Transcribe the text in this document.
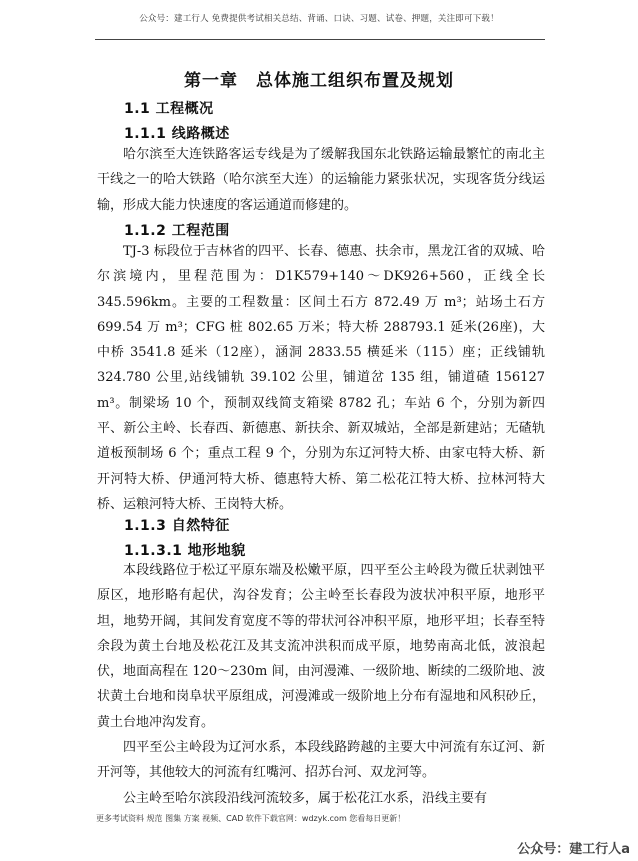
公众号：建工行人 免费提供考试相关总结、背诵、口诀、习题、试卷、押题，关注即可下载！
第一章　总体施工组织布置及规划
1.1 工程概况
1.1.1 线路概述

哈尔滨至大连铁路客运专线是为了缓解我国东北铁路运输最繁忙的南北主干线之一的哈大铁路（哈尔滨至大连）的运输能力紧张状况，实现客货分线运输，形成大能力快速度的客运通道而修建的。

1.1.2 工程范围

TJ-3 标段位于吉林省的四平、长春、德惠、扶余市，黑龙江省的双城、哈尔滨境内，里程范围为：D1K579+140～DK926+560，正线全长 345.596km。主要的工程数量：区间土石方 872.49 万 m³；站场土石方 699.54 万 m³；CFG 桩 802.65 万米；特大桥 288793.1 延米(26座)，大中桥 3541.8 延米（12座），涵洞 2833.55 横延米（115）座；正线铺轨 324.780 公里,站线铺轨 39.102 公里，铺道岔 135 组，铺道碴 156127 m³。制梁场 10 个，预制双线简支箱梁 8782 孔；车站 6 个，分别为新四平、新公主岭、长春西、新德惠、新扶余、新双城站，全部是新建站；无碴轨道板预制场 6 个；重点工程 9 个，分别为东辽河特大桥、由家屯特大桥、新开河特大桥、伊通河特大桥、德惠特大桥、第二松花江特大桥、拉林河特大桥、运粮河特大桥、王岗特大桥。

1.1.3 自然特征
1.1.3.1 地形地貌

本段线路位于松辽平原东端及松嫩平原，四平至公主岭段为微丘状剥蚀平原区，地形略有起伏，沟谷发育；公主岭至长春段为波状冲积平原，地形平坦，地势开阔，其间发育宽度不等的带状河谷冲积平原，地形平坦；长春至特余段为黄土台地及松花江及其支流冲洪积而成平原，地势南高北低，波浪起伏，地面高程在 120～230m 间，由河漫滩、一级阶地、断续的二级阶地、波状黄土台地和岗阜状平原组成，河漫滩或一级阶地上分布有湿地和风积砂丘，黄土台地冲沟发育。

四平至公主岭段为辽河水系，本段线路跨越的主要大中河流有东辽河、新开河等，其他较大的河流有红嘴河、招苏台河、双龙河等。

公主岭至哈尔滨段沿线河流较多，属于松花江水系，沿线主要有

更多考试资料 规范 图集 方案 视频、CAD 软件下载官网：wdzyk.com 您看每日更新！
公众号：建工行人a
